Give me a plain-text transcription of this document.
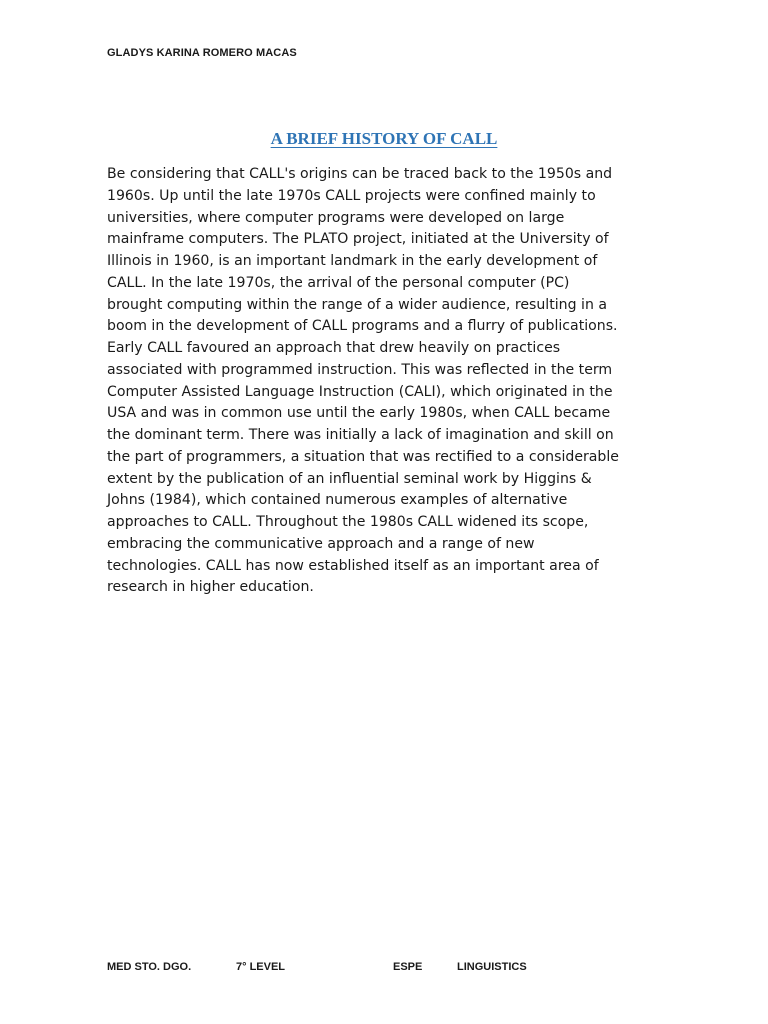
GLADYS KARINA ROMERO MACAS
A BRIEF HISTORY OF CALL
Be considering that CALL's origins can be traced back to the 1950s and
1960s. Up until the late 1970s CALL projects were confined mainly to
universities, where computer programs were developed on large
mainframe computers. The PLATO project, initiated at the University of
Illinois in 1960, is an important landmark in the early development of
CALL. In the late 1970s, the arrival of the personal computer (PC)
brought computing within the range of a wider audience, resulting in a
boom in the development of CALL programs and a flurry of publications.
Early CALL favoured an approach that drew heavily on practices
associated with programmed instruction. This was reflected in the term
Computer Assisted Language Instruction (CALI), which originated in the
USA and was in common use until the early 1980s, when CALL became
the dominant term. There was initially a lack of imagination and skill on
the part of programmers, a situation that was rectified to a considerable
extent by the publication of an influential seminal work by Higgins &
Johns (1984), which contained numerous examples of alternative
approaches to CALL. Throughout the 1980s CALL widened its scope,
embracing the communicative approach and a range of new
technologies. CALL has now established itself as an important area of
research in higher education.
MED STO. DGO.	7° LEVEL	ESPE	LINGUISTICS
